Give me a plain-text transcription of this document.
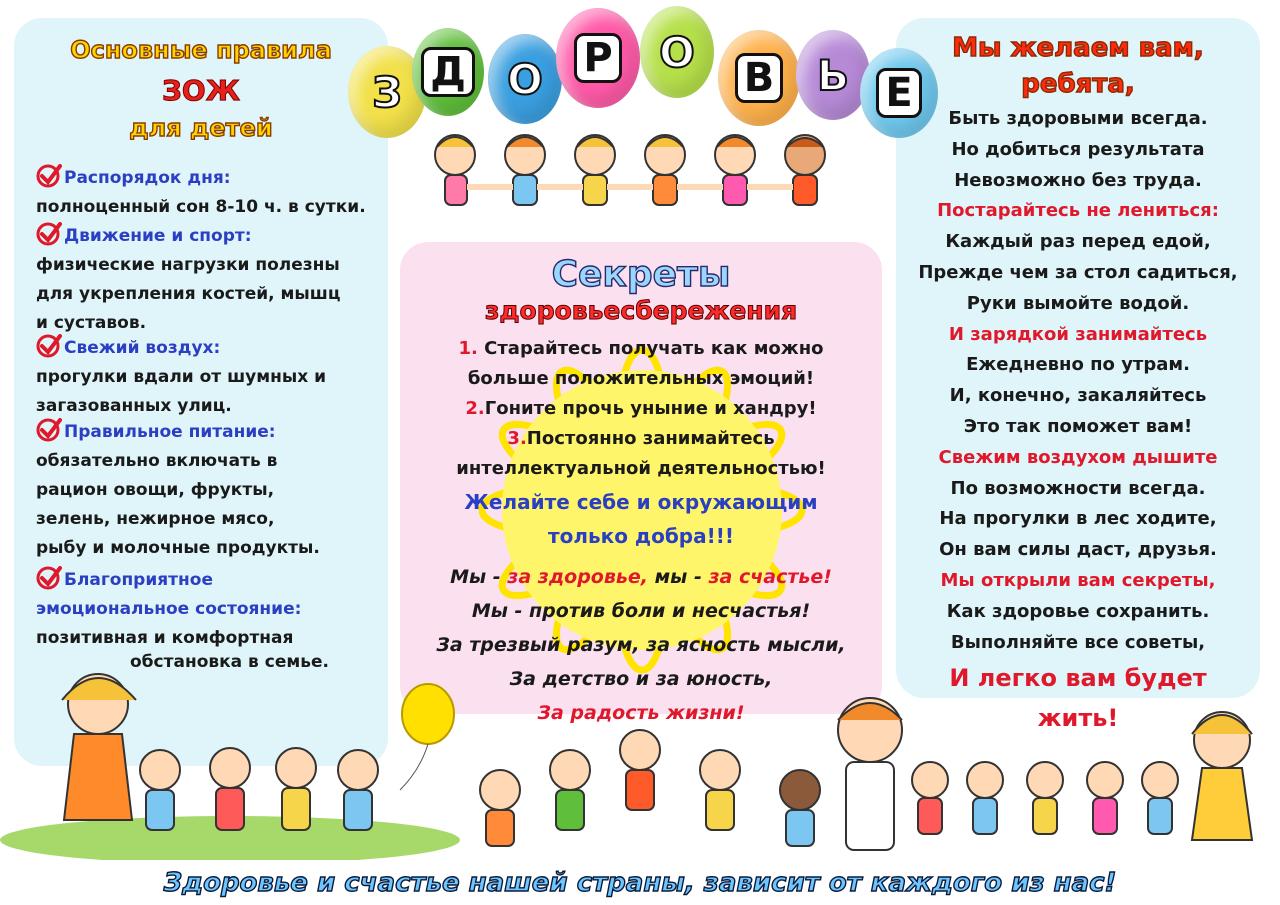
З Д О Р О
В Ь Е
Основные правила
ЗОЖ
для детей
Распорядок дня:
полноценный сон 8-10 ч. в сутки.
Движение и спорт:
физические нагрузки полезны
для укрепления костей, мышц
и суставов.
Свежий воздух:
прогулки вдали от шумных и
загазованных улиц.
Правильное питание:
обязательно включать в
рацион овощи, фрукты,
зелень, нежирное мясо,
рыбу и молочные продукты.
Благоприятное
эмоциональное состояние:
позитивная и комфортная
обстановка в семье.
Секреты
здоровьесбережения
1. Старайтесь получать как можно
больше положительных эмоций!
2.Гоните прочь уныние и хандру!
3.Постоянно занимайтесь
интеллектуальной деятельностью!
Желайте себе и окружающим
только добра!!!
Мы - за здоровье, мы - за счастье!
Мы - против боли и несчастья!
За трезвый разум, за ясность мысли,
За детство и за юность,
За радость жизни!
Мы желаем вам,
ребята,
Быть здоровыми всегда.
Но добиться результата
Невозможно без труда.
Постарайтесь не лениться:
Каждый раз перед едой,
Прежде чем за стол садиться,
Руки вымойте водой.
И зарядкой занимайтесь
Ежедневно по утрам.
И, конечно, закаляйтесь
Это так поможет вам!
Свежим воздухом дышите
По возможности всегда.
На прогулки в лес ходите,
Он вам силы даст, друзья.
Мы открыли вам секреты,
Как здоровье сохранить.
Выполняйте все советы,
И легко вам будет
жить!
Здоровье и счастье нашей страны, зависит от каждого из нас!
